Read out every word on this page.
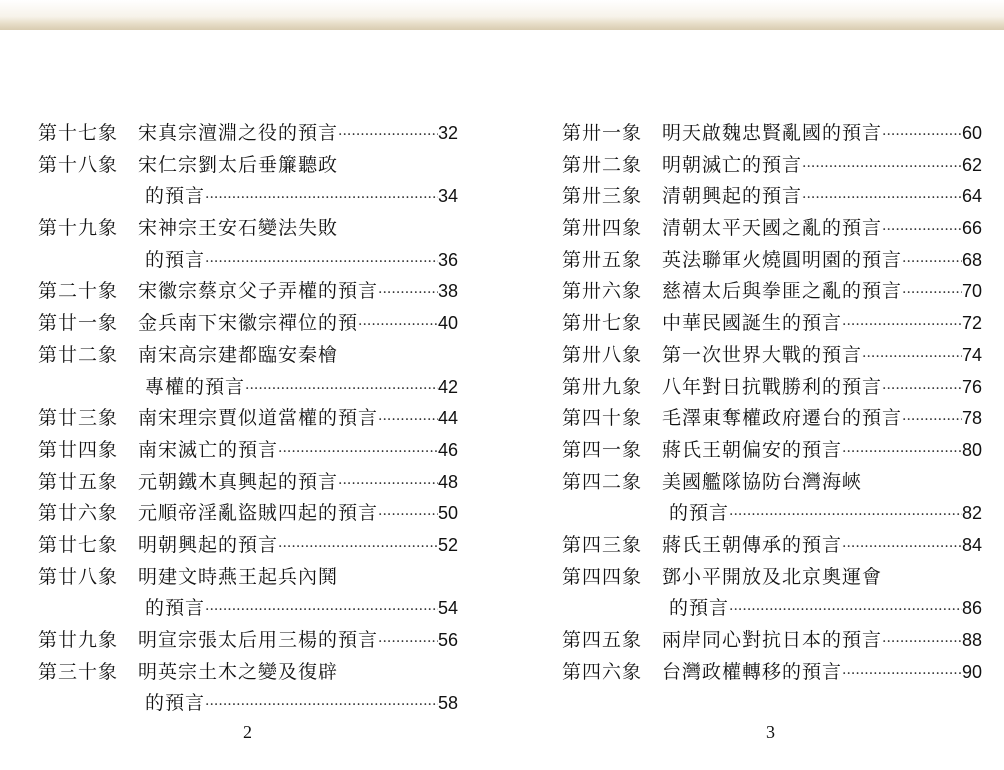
第十七象	宋真宗澶淵之役的預言 ·····	32
第十八象	宋仁宗劉太后垂簾聽政
的預言 ·····	34
第十九象	宋神宗王安石變法失敗
的預言 ·····	36
第二十象	宋徽宗蔡京父子弄權的預言 ·····	38
第廿一象	金兵南下宋徽宗禪位的預 ·····	40
第廿二象	南宋高宗建都臨安秦檜
專權的預言 ·····	42
第廿三象	南宋理宗賈似道當權的預言 ·····	44
第廿四象	南宋滅亡的預言 ·····	46
第廿五象	元朝鐵木真興起的預言 ·····	48
第廿六象	元順帝淫亂盜賊四起的預言 ·····	50
第廿七象	明朝興起的預言 ·····	52
第廿八象	明建文時燕王起兵內鬨
的預言 ·····	54
第廿九象	明宣宗張太后用三楊的預言 ·····	56
第三十象	明英宗土木之變及復辟
的預言 ·····	58
第卅一象	明天啟魏忠賢亂國的預言 ·····	60
第卅二象	明朝滅亡的預言 ·····	62
第卅三象	清朝興起的預言 ·····	64
第卅四象	清朝太平天國之亂的預言 ·····	66
第卅五象	英法聯軍火燒圓明園的預言 ·····	68
第卅六象	慈禧太后與拳匪之亂的預言 ·····	70
第卅七象	中華民國誕生的預言 ·····	72
第卅八象	第一次世界大戰的預言 ·····	74
第卅九象	八年對日抗戰勝利的預言 ·····	76
第四十象	毛澤東奪權政府遷台的預言 ·····	78
第四一象	蔣氏王朝偏安的預言 ·····	80
第四二象	美國艦隊協防台灣海峽
的預言 ·····	82
第四三象	蔣氏王朝傳承的預言 ·····	84
第四四象	鄧小平開放及北京奧運會
的預言 ·····	86
第四五象	兩岸同心對抗日本的預言 ·····	88
第四六象	台灣政權轉移的預言 ·····	90
2	3
